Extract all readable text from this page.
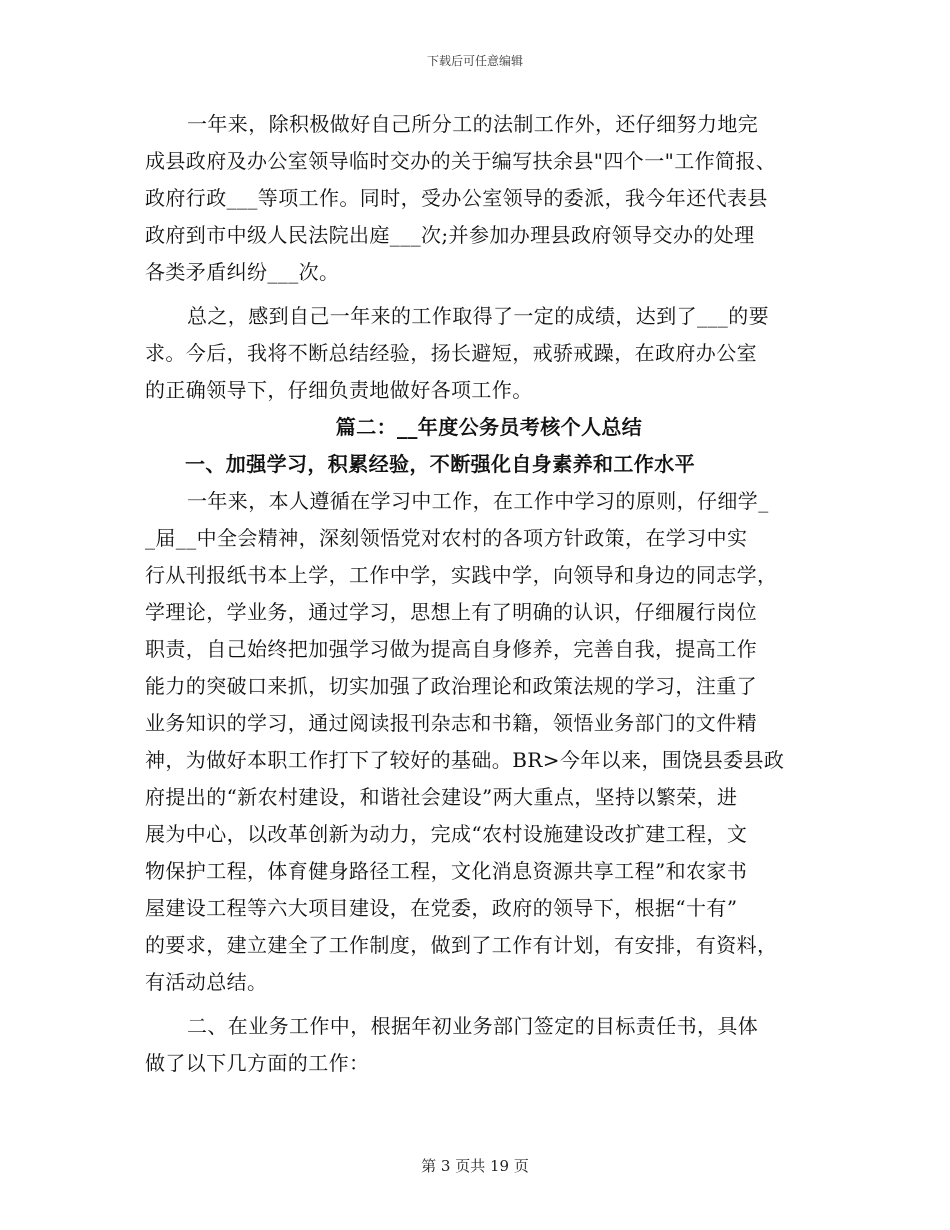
下载后可任意编辑
一年来，除积极做好自己所分工的法制工作外，还仔细努力地完
成县政府及办公室领导临时交办的关于编写扶余县"四个一"工作简报、
政府行政___等项工作。同时，受办公室领导的委派，我今年还代表县
政府到市中级人民法院出庭___次;并参加办理县政府领导交办的处理
各类矛盾纠纷___次。
总之，感到自己一年来的工作取得了一定的成绩，达到了___的要
求。今后，我将不断总结经验，扬长避短，戒骄戒躁，在政府办公室
的正确领导下，仔细负责地做好各项工作。
篇二：__年度公务员考核个人总结
一、加强学习，积累经验，不断强化自身素养和工作水平
一年来，本人遵循在学习中工作，在工作中学习的原则，仔细学_
_届__中全会精神，深刻领悟党对农村的各项方针政策，在学习中实
行从刊报纸书本上学，工作中学，实践中学，向领导和身边的同志学，
学理论，学业务，通过学习，思想上有了明确的认识，仔细履行岗位
职责，自己始终把加强学习做为提高自身修养，完善自我，提高工作
能力的突破口来抓，切实加强了政治理论和政策法规的学习，注重了
业务知识的学习，通过阅读报刊杂志和书籍，领悟业务部门的文件精
神，为做好本职工作打下了较好的基础。BR>今年以来，围饶县委县政
府提出的“新农村建设，和谐社会建设”两大重点，坚持以繁荣，进
展为中心，以改革创新为动力，完成“农村设施建设改扩建工程，文
物保护工程，体育健身路径工程，文化消息资源共享工程”和农家书
屋建设工程等六大项目建设，在党委，政府的领导下，根据“十有”
的要求，建立建全了工作制度，做到了工作有计划，有安排，有资料，
有活动总结。
二、在业务工作中，根据年初业务部门签定的目标责任书，具体
做了以下几方面的工作：
第 3 页共 19 页
